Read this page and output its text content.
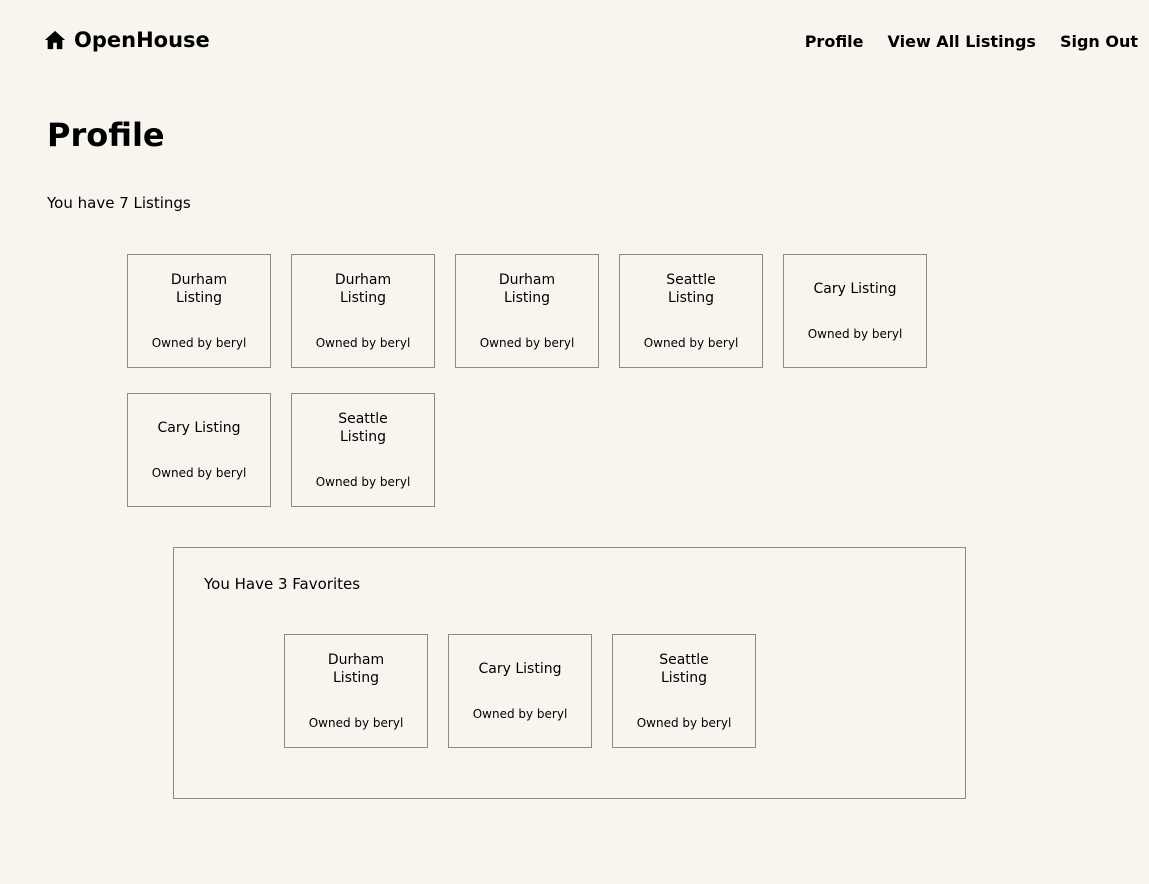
OpenHouse	Profile View All Listings Sign Out
Profile
You have 7 Listings
Durham Listing
Owned by beryl
Durham Listing
Owned by beryl
Durham Listing
Owned by beryl
Seattle Listing
Owned by beryl
Cary Listing
Owned by beryl
Cary Listing
Owned by beryl
Seattle Listing
Owned by beryl
You Have 3 Favorites
Durham Listing
Owned by beryl
Cary Listing
Owned by beryl
Seattle Listing
Owned by beryl
